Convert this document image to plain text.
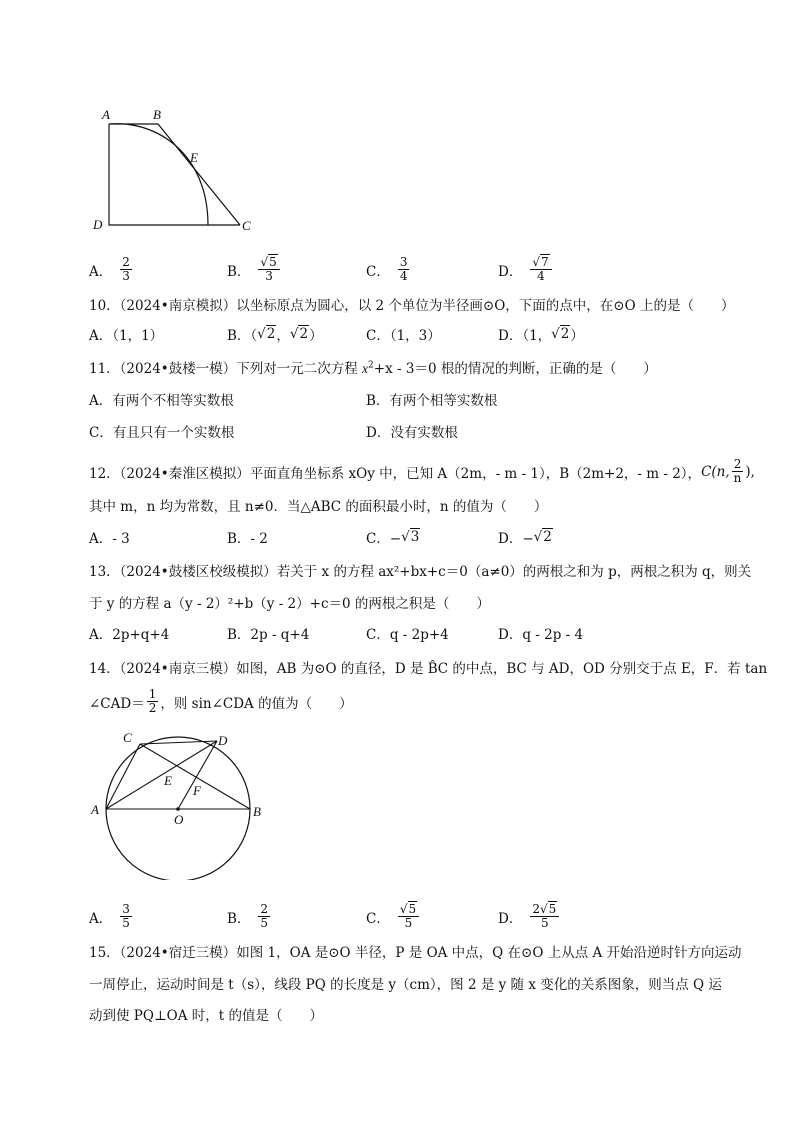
A	B
E
D	C
A． $\frac{2}{3}$	B． $\frac{√5}{3}$	C． $\frac{3}{4}$	D． $\frac{√7}{4}$
10．（2024•南京模拟）以坐标原点为圆心，以 2 个单位为半径画⊙O，下面的点中，在⊙O 上的是（　　）
A．（1，1）	B．（ √ 2 ， √ 2 ）	C．（1，3）	D．（1， √ 2 ）
11．（2024•鼓楼一模）下列对一元二次方程 $x^2+x - 3=0$ 根的情况的判断，正确的是（　　）
A．有两个不相等实数根	B．有两个相等实数根
C．有且只有一个实数根	D．没有实数根
12．（2024•秦淮区模拟）平面直角坐标系 xOy 中，已知 A（2m，- m - 1），B（2m+2，- m - 2）， C(n, $\frac{2}{n}$ ),
其中 m，n 均为常数，且 n≠0．当△ABC 的面积最小时，n 的值为（　　）
A．- 3	B．- 2	C．− √ 3	D．− √ 2
13．（2024•鼓楼区校级模拟）若关于 x 的方程 ax²+bx+c＝0（a≠0）的两根之和为 p，两根之积为 q，则关
于 y 的方程 a（y - 2）²+b（y - 2）+c＝0 的两根之积是（　　）
A．2p+q+4	B．2p - q+4	C．q - 2p+4	D．q - 2p - 4
14．（2024•南京三模）如图，AB 为⊙O 的直径，D 是 B̂C 的中点，BC 与 AD，OD 分别交于点 E，F．若 tan
∠CAD＝ $\frac{1}{2}$ ，则 sin∠CDA 的值为（　　）
C	D
E
F
A
O
B
A． $\frac{3}{5}$	B． $\frac{2}{5}$	C． $\frac{√5}{5}$	D． $\frac{2√5}{5}$
15．（2024•宿迁三模）如图 1，OA 是⊙O 半径，P 是 OA 中点，Q 在⊙O 上从点 A 开始沿逆时针方向运动
一周停止，运动时间是 t（s），线段 PQ 的长度是 y（cm），图 2 是 y 随 x 变化的关系图象，则当点 Q 运
动到使 PQ⊥OA 时，t 的值是（　　）
